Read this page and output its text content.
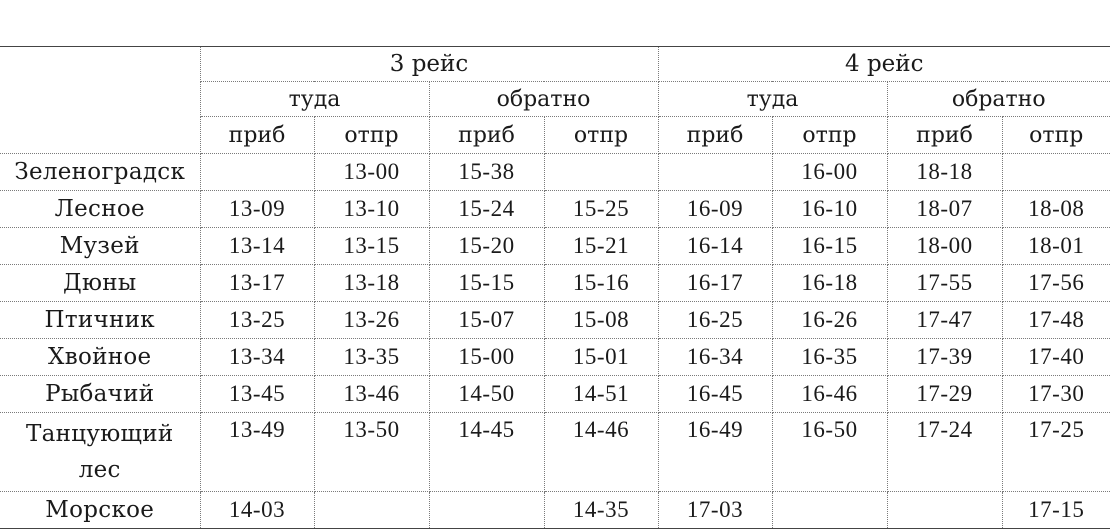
	3 рейс				4 рейс			
	туда		обратно		туда		обратно	
	приб	отпр	приб	отпр	приб	отпр	приб	отпр
Зеленоградск		13-00	15-38			16-00	18-18	
Лесное	13-09	13-10	15-24	15-25	16-09	16-10	18-07	18-08
Музей	13-14	13-15	15-20	15-21	16-14	16-15	18-00	18-01
Дюны	13-17	13-18	15-15	15-16	16-17	16-18	17-55	17-56
Птичник	13-25	13-26	15-07	15-08	16-25	16-26	17-47	17-48
Хвойное	13-34	13-35	15-00	15-01	16-34	16-35	17-39	17-40
Рыбачий	13-45	13-46	14-50	14-51	16-45	16-46	17-29	17-30

Танцующий
лес	13-49	13-50	14-45	14-46	16-49	16-50	17-24	17-25
Морское	14-03			14-35	17-03			17-15
